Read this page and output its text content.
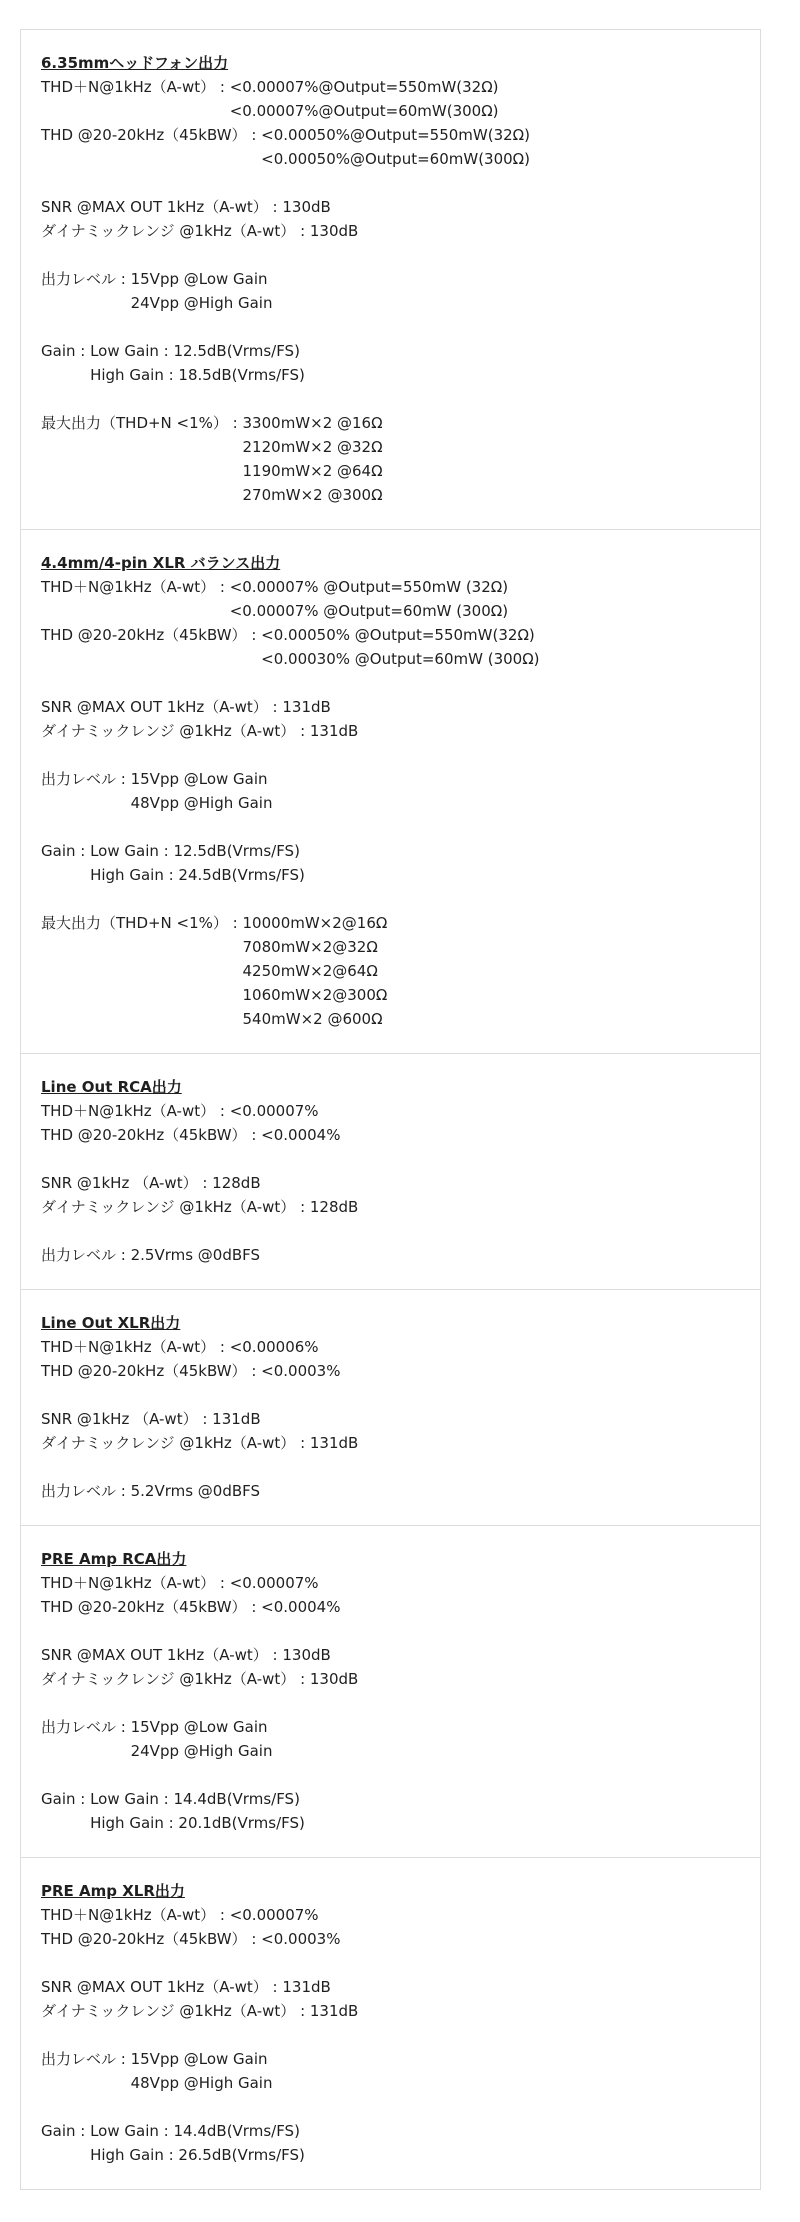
6.35mmヘッドフォン出力
THD＋N@1kHz（A-wt） : <0.00007%@Output=550mW(32Ω)
<0.00007%@Output=60mW(300Ω)
THD @20-20kHz（45kBW） : <0.00050%@Output=550mW(32Ω)
<0.00050%@Output=60mW(300Ω)
SNR @MAX OUT 1kHz（A-wt） : 130dB
ダイナミックレンジ @1kHz（A-wt） : 130dB
出力レベル : 15Vpp @Low Gain
24Vpp @High Gain
Gain : Low Gain : 12.5dB(Vrms/FS)
High Gain : 18.5dB(Vrms/FS)
最大出力（THD+N <1%） : 3300mW×2 @16Ω
2120mW×2 @32Ω
1190mW×2 @64Ω
270mW×2 @300Ω
4.4mm/4-pin XLR バランス出力
THD＋N@1kHz（A-wt） : <0.00007% @Output=550mW (32Ω)
<0.00007% @Output=60mW (300Ω)
THD @20-20kHz（45kBW） : <0.00050% @Output=550mW(32Ω)
<0.00030% @Output=60mW (300Ω)
SNR @MAX OUT 1kHz（A-wt） : 131dB
ダイナミックレンジ @1kHz（A-wt） : 131dB
出力レベル : 15Vpp @Low Gain
48Vpp @High Gain
Gain : Low Gain : 12.5dB(Vrms/FS)
High Gain : 24.5dB(Vrms/FS)
最大出力（THD+N <1%） : 10000mW×2@16Ω
7080mW×2@32Ω
4250mW×2@64Ω
1060mW×2@300Ω
540mW×2 @600Ω
Line Out RCA出力
THD＋N@1kHz（A-wt） : <0.00007%
THD @20-20kHz（45kBW） : <0.0004%
SNR @1kHz （A-wt） : 128dB
ダイナミックレンジ @1kHz（A-wt） : 128dB
出力レベル : 2.5Vrms @0dBFS
Line Out XLR出力
THD＋N@1kHz（A-wt） : <0.00006%
THD @20-20kHz（45kBW） : <0.0003%
SNR @1kHz （A-wt） : 131dB
ダイナミックレンジ @1kHz（A-wt） : 131dB
出力レベル : 5.2Vrms @0dBFS
PRE Amp RCA出力
THD＋N@1kHz（A-wt） : <0.00007%
THD @20-20kHz（45kBW） : <0.0004%
SNR @MAX OUT 1kHz（A-wt） : 130dB
ダイナミックレンジ @1kHz（A-wt） : 130dB
出力レベル : 15Vpp @Low Gain
24Vpp @High Gain
Gain : Low Gain : 14.4dB(Vrms/FS)
High Gain : 20.1dB(Vrms/FS)
PRE Amp XLR出力
THD＋N@1kHz（A-wt） : <0.00007%
THD @20-20kHz（45kBW） : <0.0003%
SNR @MAX OUT 1kHz（A-wt） : 131dB
ダイナミックレンジ @1kHz（A-wt） : 131dB
出力レベル : 15Vpp @Low Gain
48Vpp @High Gain
Gain : Low Gain : 14.4dB(Vrms/FS)
High Gain : 26.5dB(Vrms/FS)
